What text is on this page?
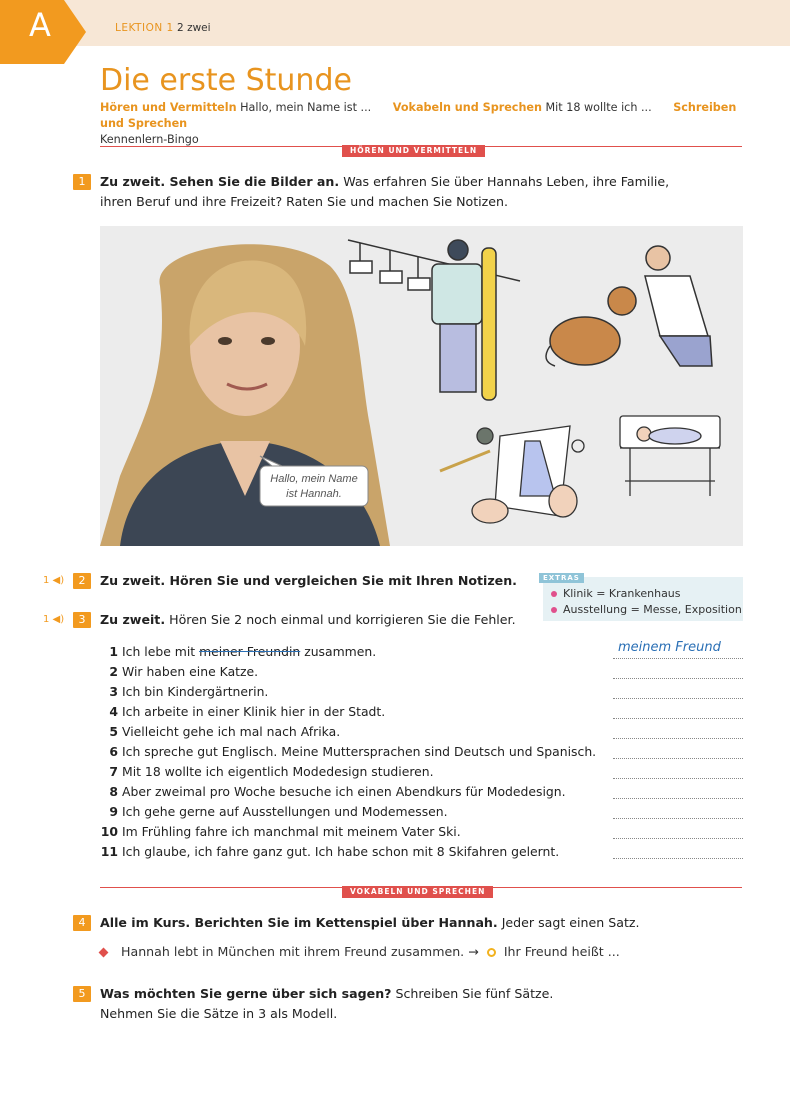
A	LEKTION 1 2 zwei
Die erste Stunde
Hören und Vermitteln Hallo, mein Name ist ... Vokabeln und Sprechen Mit 18 wollte ich ... Schreiben und Sprechen
Kennenlern-Bingo
HÖREN UND VERMITTELN
1	Zu zweit. Sehen Sie die Bilder an. Was erfahren Sie über Hannahs Leben, ihre Familie,
ihren Beruf und ihre Freizeit? Raten Sie und machen Sie Notizen.
Hallo, mein Name
ist Hannah.
1 ◀)	2	Zu zweit. Hören Sie und vergleichen Sie mit Ihren Notizen.	EXTRAS
Klinik = Krankenhaus
Ausstellung = Messe, Exposition
1 ◀)	3	Zu zweit. Hören Sie 2 noch einmal und korrigieren Sie die Fehler.
1 Ich lebe mit meiner Freundin zusammen.
2 Wir haben eine Katze.
3 Ich bin Kindergärtnerin.
4 Ich arbeite in einer Klinik hier in der Stadt.
5 Vielleicht gehe ich mal nach Afrika.
6 Ich spreche gut Englisch. Meine Muttersprachen sind Deutsch und Spanisch.
7 Mit 18 wollte ich eigentlich Modedesign studieren.
8 Aber zweimal pro Woche besuche ich einen Abendkurs für Modedesign.
9 Ich gehe gerne auf Ausstellungen und Modemessen.
10 Im Frühling fahre ich manchmal mit meinem Vater Ski.
11 Ich glaube, ich fahre ganz gut. Ich habe schon mit 8 Skifahren gelernt.
meinem Freund
VOKABELN UND SPRECHEN
4	Alle im Kurs. Berichten Sie im Kettenspiel über Hannah. Jeder sagt einen Satz.
Hannah lebt in München mit ihrem Freund zusammen. → Ihr Freund heißt ...
5	Was möchten Sie gerne über sich sagen? Schreiben Sie fünf Sätze.
Nehmen Sie die Sätze in 3 als Modell.
